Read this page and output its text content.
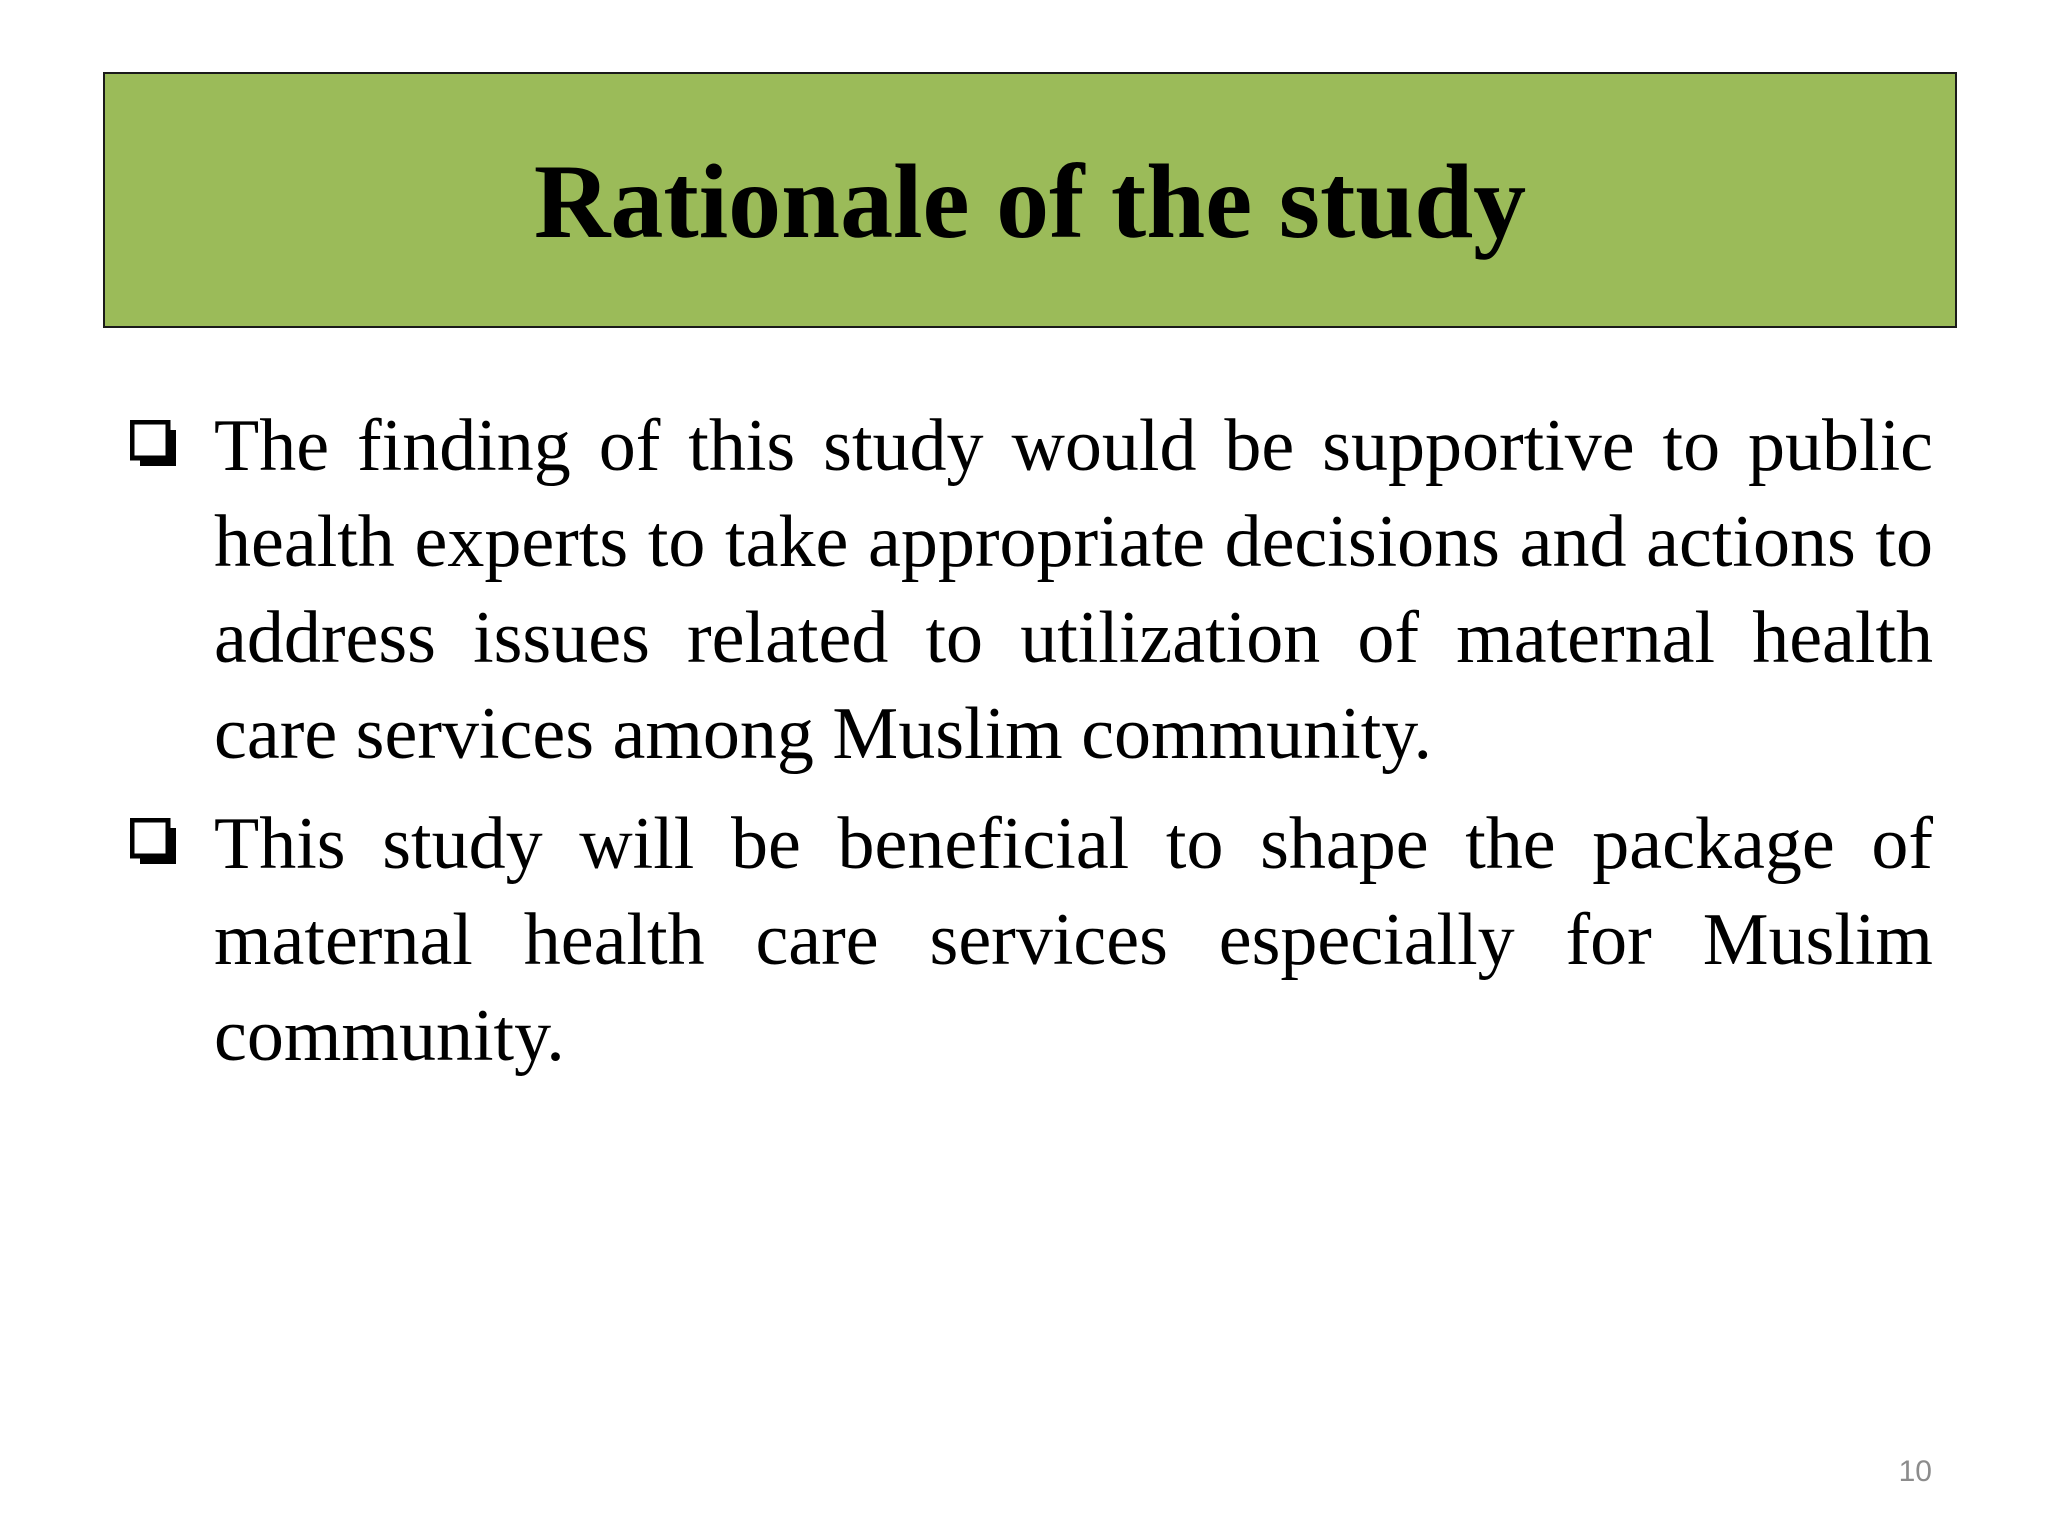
Rationale of the study
The finding of this study would be supportive to public health experts to take appropriate decisions and actions to address issues related to utilization of maternal health care services among Muslim community.
This study will be beneficial to shape the package of maternal health care services especially for Muslim community.
10
